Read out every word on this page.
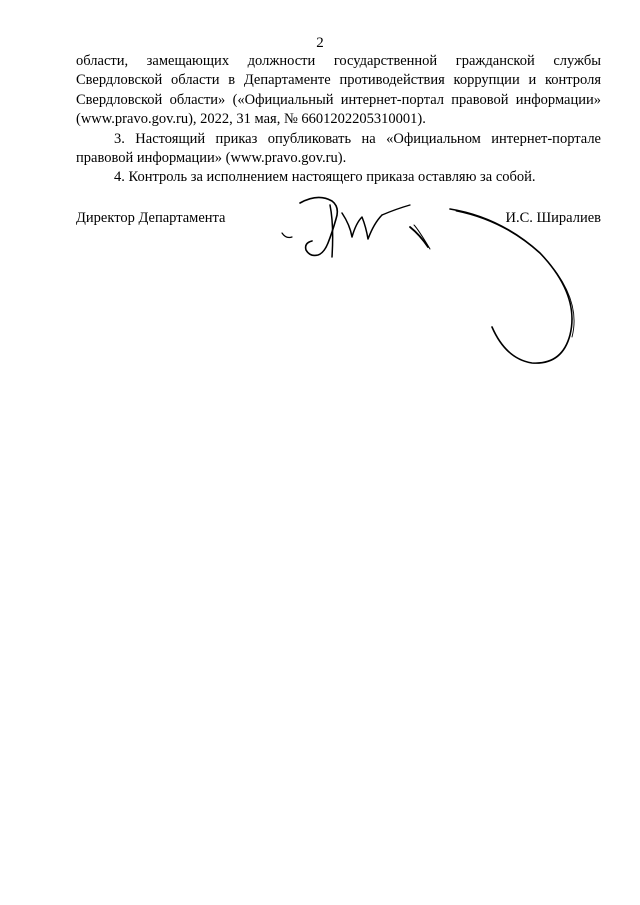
2

области, замещающих должности государственной гражданской службы Свердловской области в Департаменте противодействия коррупции и контроля Свердловской области» («Официальный интернет-портал правовой информации» (www.pravo.gov.ru), 2022, 31 мая, № 6601202205310001).

3. Настоящий приказ опубликовать на «Официальном интернет-портале правовой информации» (www.pravo.gov.ru).

4. Контроль за исполнением настоящего приказа оставляю за собой.

Директор Департамента	И.С. Ширалиев
